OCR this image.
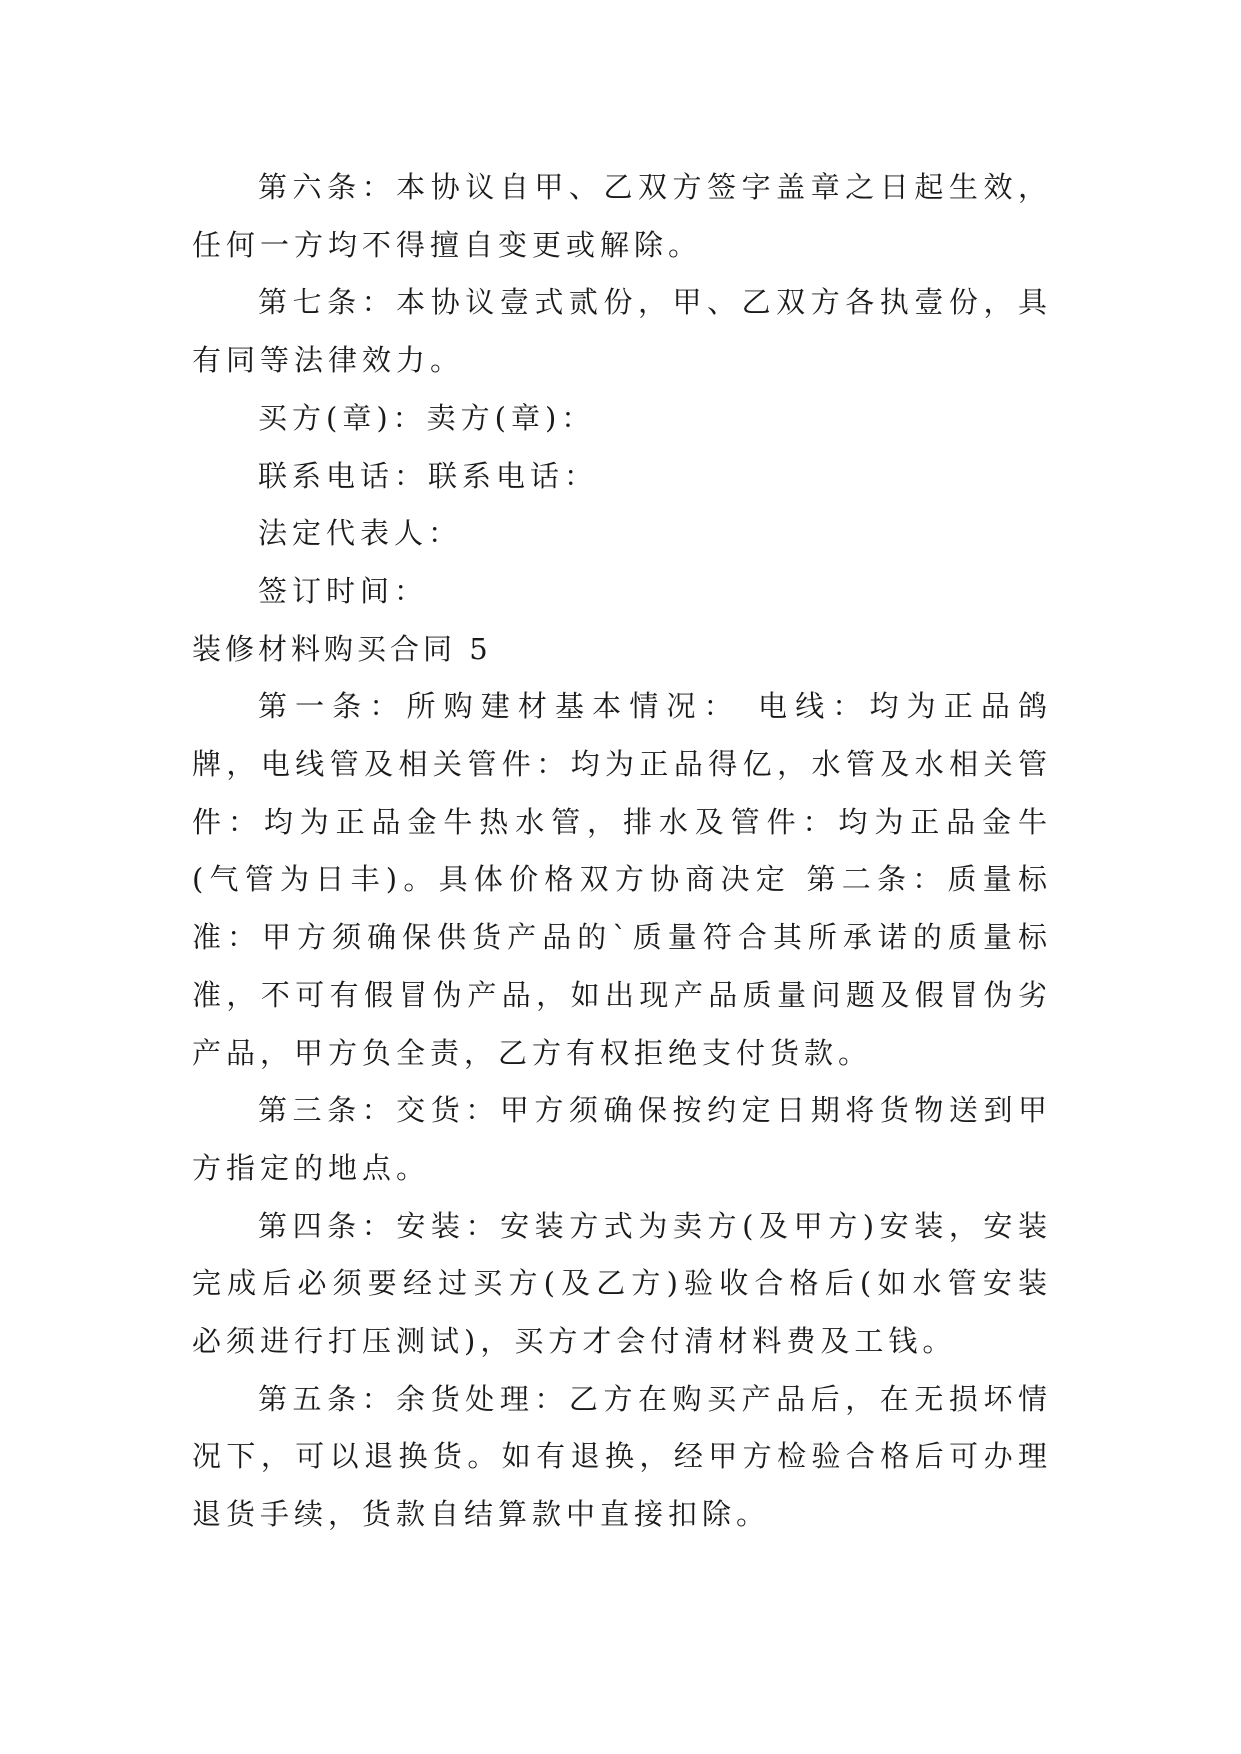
第六条：本协议自甲、乙双方签字盖章之日起生效，任何一方均不得擅自变更或解除。

第七条：本协议壹式贰份，甲、乙双方各执壹份，具有同等法律效力。

买方(章)：卖方(章)：

联系电话：联系电话：

法定代表人：

签订时间：

装修材料购买合同 5

第一条：所购建材基本情况： 电线：均为正品鸽牌，电线管及相关管件：均为正品得亿，水管及水相关管件：均为正品金牛热水管，排水及管件：均为正品金牛(气管为日丰)。具体价格双方协商决定 第二条：质量标准：甲方须确保供货产品的`质量符合其所承诺的质量标准，不可有假冒伪产品，如出现产品质量问题及假冒伪劣产品，甲方负全责，乙方有权拒绝支付货款。

第三条：交货：甲方须确保按约定日期将货物送到甲方指定的地点。

第四条：安装：安装方式为卖方(及甲方)安装，安装完成后必须要经过买方(及乙方)验收合格后(如水管安装必须进行打压测试)，买方才会付清材料费及工钱。

第五条：余货处理：乙方在购买产品后，在无损坏情况下，可以退换货。如有退换，经甲方检验合格后可办理退货手续，货款自结算款中直接扣除。
